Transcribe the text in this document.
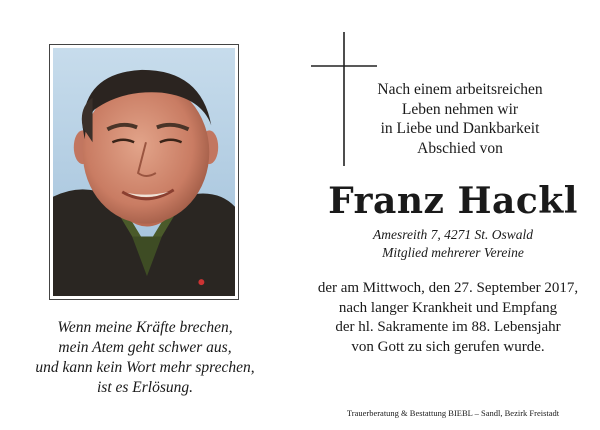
Wenn meine Kräfte brechen,
mein Atem geht schwer aus,
und kann kein Wort mehr sprechen,
ist es Erlösung.
Nach einem arbeitsreichen
Leben nehmen wir
in Liebe und Dankbarkeit
Abschied von
Franz Hackl
Amesreith 7, 4271 St. Oswald
Mitglied mehrerer Vereine
der am Mittwoch, den 27. September 2017,
nach langer Krankheit und Empfang
der hl. Sakramente im 88. Lebensjahr
von Gott zu sich gerufen wurde.
Trauerberatung & Bestattung BIEBL – Sandl, Bezirk Freistadt
